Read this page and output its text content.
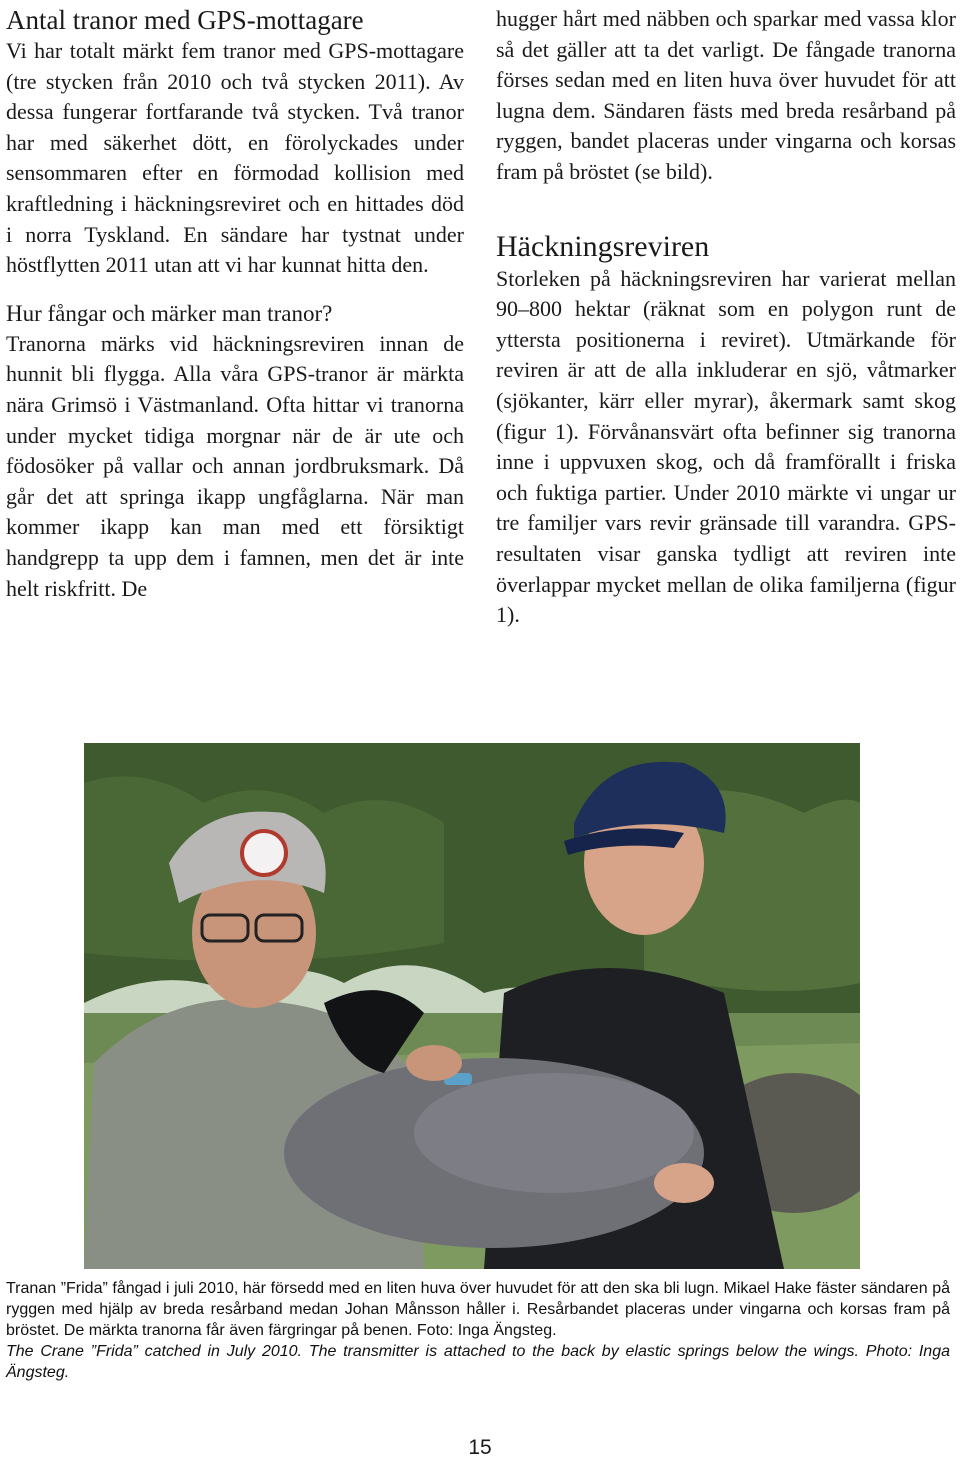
Antal tranor med GPS-mottagare

Vi har totalt märkt fem tranor med GPS-mottagare (tre stycken från 2010 och två stycken 2011). Av dessa fungerar fortfarande två stycken. Två tranor har med säkerhet dött, en förolyckades under sensommaren efter en förmodad kollision med kraftledning i häckningsreviret och en hittades död i norra Tyskland. En sändare har tystnat under höstflytten 2011 utan att vi har kunnat hitta den.

Hur fångar och märker man tranor?

Tranorna märks vid häckningsreviren innan de hunnit bli flygga. Alla våra GPS-tranor är märkta nära Grimsö i Västmanland. Ofta hittar vi tranorna under mycket tidiga morgnar när de är ute och födosöker på vallar och annan jordbruksmark. Då går det att springa ikapp ungfåglarna. När man kommer ikapp kan man med ett försiktigt handgrepp ta upp dem i famnen, men det är inte helt riskfritt. De

hugger hårt med näbben och sparkar med vassa klor så det gäller att ta det varligt. De fångade tranorna förses sedan med en liten huva över huvudet för att lugna dem. Sändaren fästs med breda resårband på ryggen, bandet placeras under vingarna och korsas fram på bröstet (se bild).

Häckningsreviren

Storleken på häckningsreviren har varierat mellan 90–800 hektar (räknat som en polygon runt de yttersta positionerna i reviret). Utmärkande för reviren är att de alla inkluderar en sjö, våtmarker (sjökanter, kärr eller myrar), åkermark samt skog (figur 1). Förvånansvärt ofta befinner sig tranorna inne i uppvuxen skog, och då framförallt i friska och fuktiga partier. Under 2010 märkte vi ungar ur tre familjer vars revir gränsade till varandra. GPS-resultaten visar ganska tydligt att reviren inte överlappar mycket mellan de olika familjerna (figur 1).

Tranan ”Frida” fångad i juli 2010, här försedd med en liten huva över huvudet för att den ska bli lugn. Mikael Hake fäster sändaren på ryggen med hjälp av breda resårband medan Johan Månsson håller i. Resårbandet placeras under vingarna och korsas fram på bröstet. De märkta tranorna får även färgringar på benen. Foto: Inga Ängsteg.

The Crane ”Frida” catched in July 2010. The transmitter is attached to the back by elastic springs below the wings. Photo: Inga Ängsteg.

15
